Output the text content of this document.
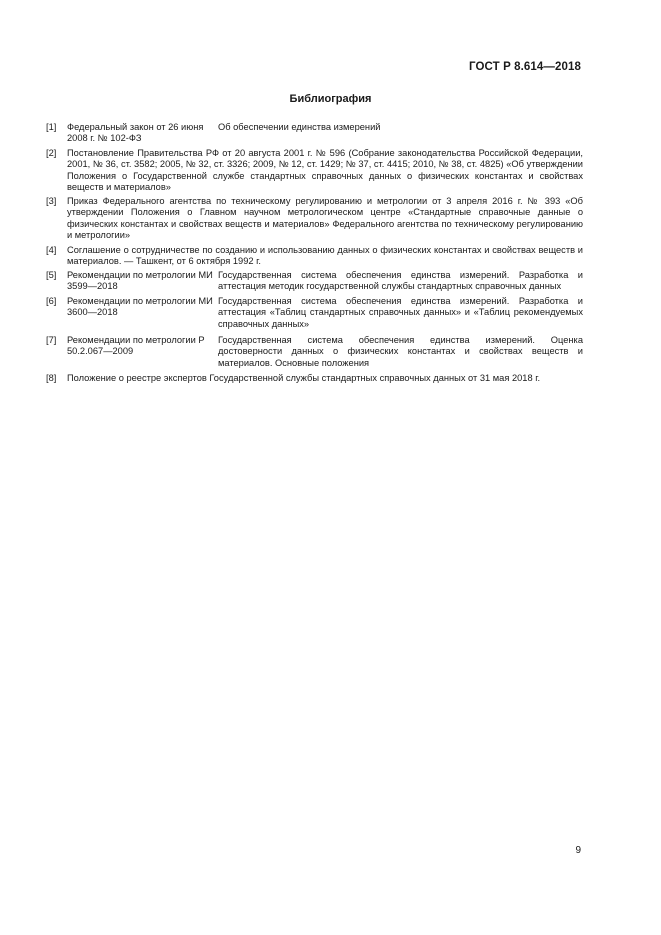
ГОСТ Р 8.614—2018
Библиография
[1] Федеральный закон от 26 июня 2008 г. № 102-ФЗ
Об обеспечении единства измерений
[2] Постановление Правительства РФ от 20 августа 2001 г. № 596 (Собрание законодательства Российской Федерации, 2001, № 36, ст. 3582; 2005, № 32, ст. 3326; 2009, № 12, ст. 1429; № 37, ст. 4415; 2010, № 38, ст. 4825) «Об утверждении Положения о Государственной службе стандартных справочных данных о физических константах и свойствах веществ и материалов»
[3] Приказ Федерального агентства по техническому регулированию и метрологии от 3 апреля 2016 г. № 393 «Об утверждении Положения о Главном научном метрологическом центре «Стандартные справочные данные о физических константах и свойствах веществ и материалов» Федерального агентства по техническому регулированию и метрологии»
[4] Соглашение о сотрудничестве по созданию и использованию данных о физических константах и свойствах веществ и материалов. — Ташкент, от 6 октября 1992 г.
[5] Рекомендации по метрологии МИ 3599—2018
Государственная система обеспечения единства измерений. Разработка и аттестация методик государственной службы стандартных справочных данных
[6] Рекомендации по метрологии МИ 3600—2018
Государственная система обеспечения единства измерений. Разработка и аттестация «Таблиц стандартных справочных данных» и «Таблиц рекомендуемых справочных данных»
[7] Рекомендации по метрологии Р 50.2.067—2009
Государственная система обеспечения единства измерений. Оценка достоверности данных о физических константах и свойствах веществ и материалов. Основные положения
[8] Положение о реестре экспертов Государственной службы стандартных справочных данных от 31 мая 2018 г.
9
